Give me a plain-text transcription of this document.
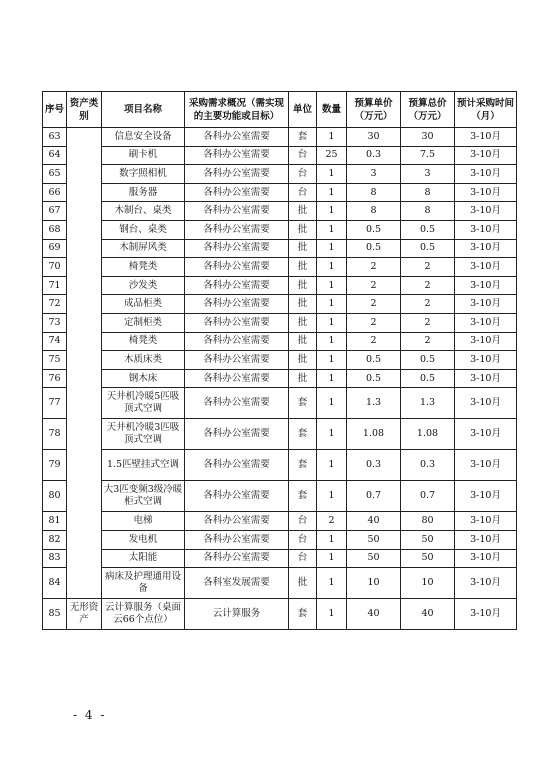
序号	资产类别	项目名称	采购需求概况（需实现的主要功能或目标）	单位	数量	预算单价（万元）	预算总价（万元）	预计采购时间（月）
63		信息安全设备	各科办公室需要	套	1	30	30	3-10月
64		刷卡机	各科办公室需要	台	25	0.3	7.5	3-10月
65		数字照相机	各科办公室需要	台	1	3	3	3-10月
66		服务器	各科办公室需要	台	1	8	8	3-10月
67		木制台、桌类	各科办公室需要	批	1	8	8	3-10月
68		钢台、桌类	各科办公室需要	批	1	0.5	0.5	3-10月
69		木制屏风类	各科办公室需要	批	1	0.5	0.5	3-10月
70		椅凳类	各科办公室需要	批	1	2	2	3-10月
71		沙发类	各科办公室需要	批	1	2	2	3-10月
72		成品柜类	各科办公室需要	批	1	2	2	3-10月
73		定制柜类	各科办公室需要	批	1	2	2	3-10月
74		椅凳类	各科办公室需要	批	1	2	2	3-10月
75		木质床类	各科办公室需要	批	1	0.5	0.5	3-10月
76		钢木床	各科办公室需要	批	1	0.5	0.5	3-10月
77		天井机冷暖5匹吸顶式空调	各科办公室需要	套	1	1.3	1.3	3-10月
78		天井机冷暖3匹吸顶式空调	各科办公室需要	套	1	1.08	1.08	3-10月
79		1.5匹壁挂式空调	各科办公室需要	套	1	0.3	0.3	3-10月
80		大3匹变频3级冷暖柜式空调	各科办公室需要	套	1	0.7	0.7	3-10月
81		电梯	各科办公室需要	台	2	40	80	3-10月
82		发电机	各科办公室需要	台	1	50	50	3-10月
83		太阳能	各科办公室需要	台	1	50	50	3-10月
84		病床及护理通用设备	各科室发展需要	批	1	10	10	3-10月
85	无形资产	云计算服务（桌面云66个点位）	云计算服务	套	1	40	40	3-10月
- 4 -
